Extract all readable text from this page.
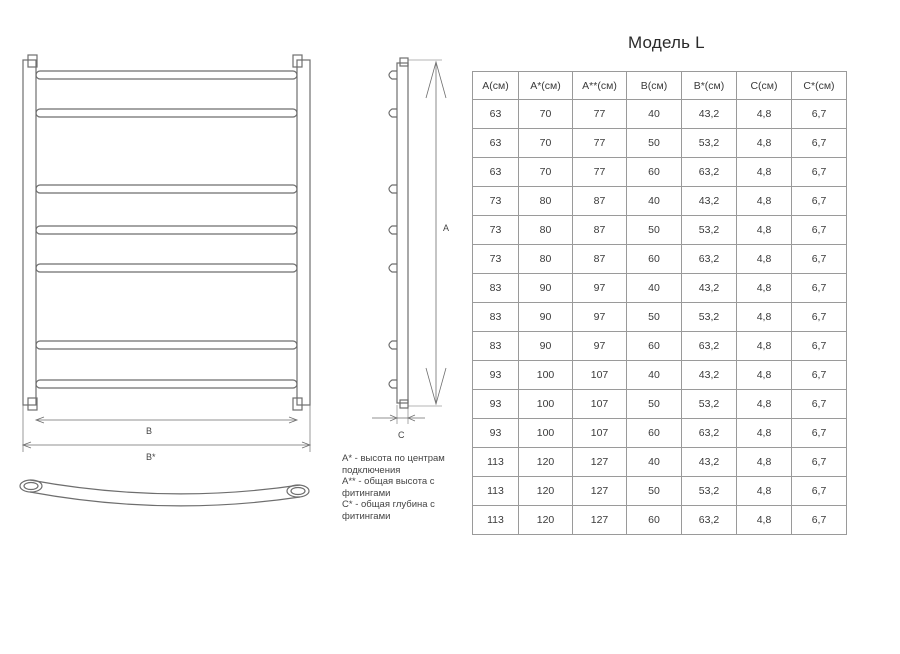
B
B*
A
C
Модель L
A(см)	A*(см)	A**(см)	B(см)	B*(см)	C(см)	C*(см)
63	70	77	40	43,2	4,8	6,7
63	70	77	50	53,2	4,8	6,7
63	70	77	60	63,2	4,8	6,7
73	80	87	40	43,2	4,8	6,7
73	80	87	50	53,2	4,8	6,7
73	80	87	60	63,2	4,8	6,7
83	90	97	40	43,2	4,8	6,7
83	90	97	50	53,2	4,8	6,7
83	90	97	60	63,2	4,8	6,7
93	100	107	40	43,2	4,8	6,7
93	100	107	50	53,2	4,8	6,7
93	100	107	60	63,2	4,8	6,7
113	120	127	40	43,2	4,8	6,7
113	120	127	50	53,2	4,8	6,7
113	120	127	60	63,2	4,8	6,7
A* - высота по центрам подключения
A** - общая высота с фитингами
C* - общая глубина с фитингами
